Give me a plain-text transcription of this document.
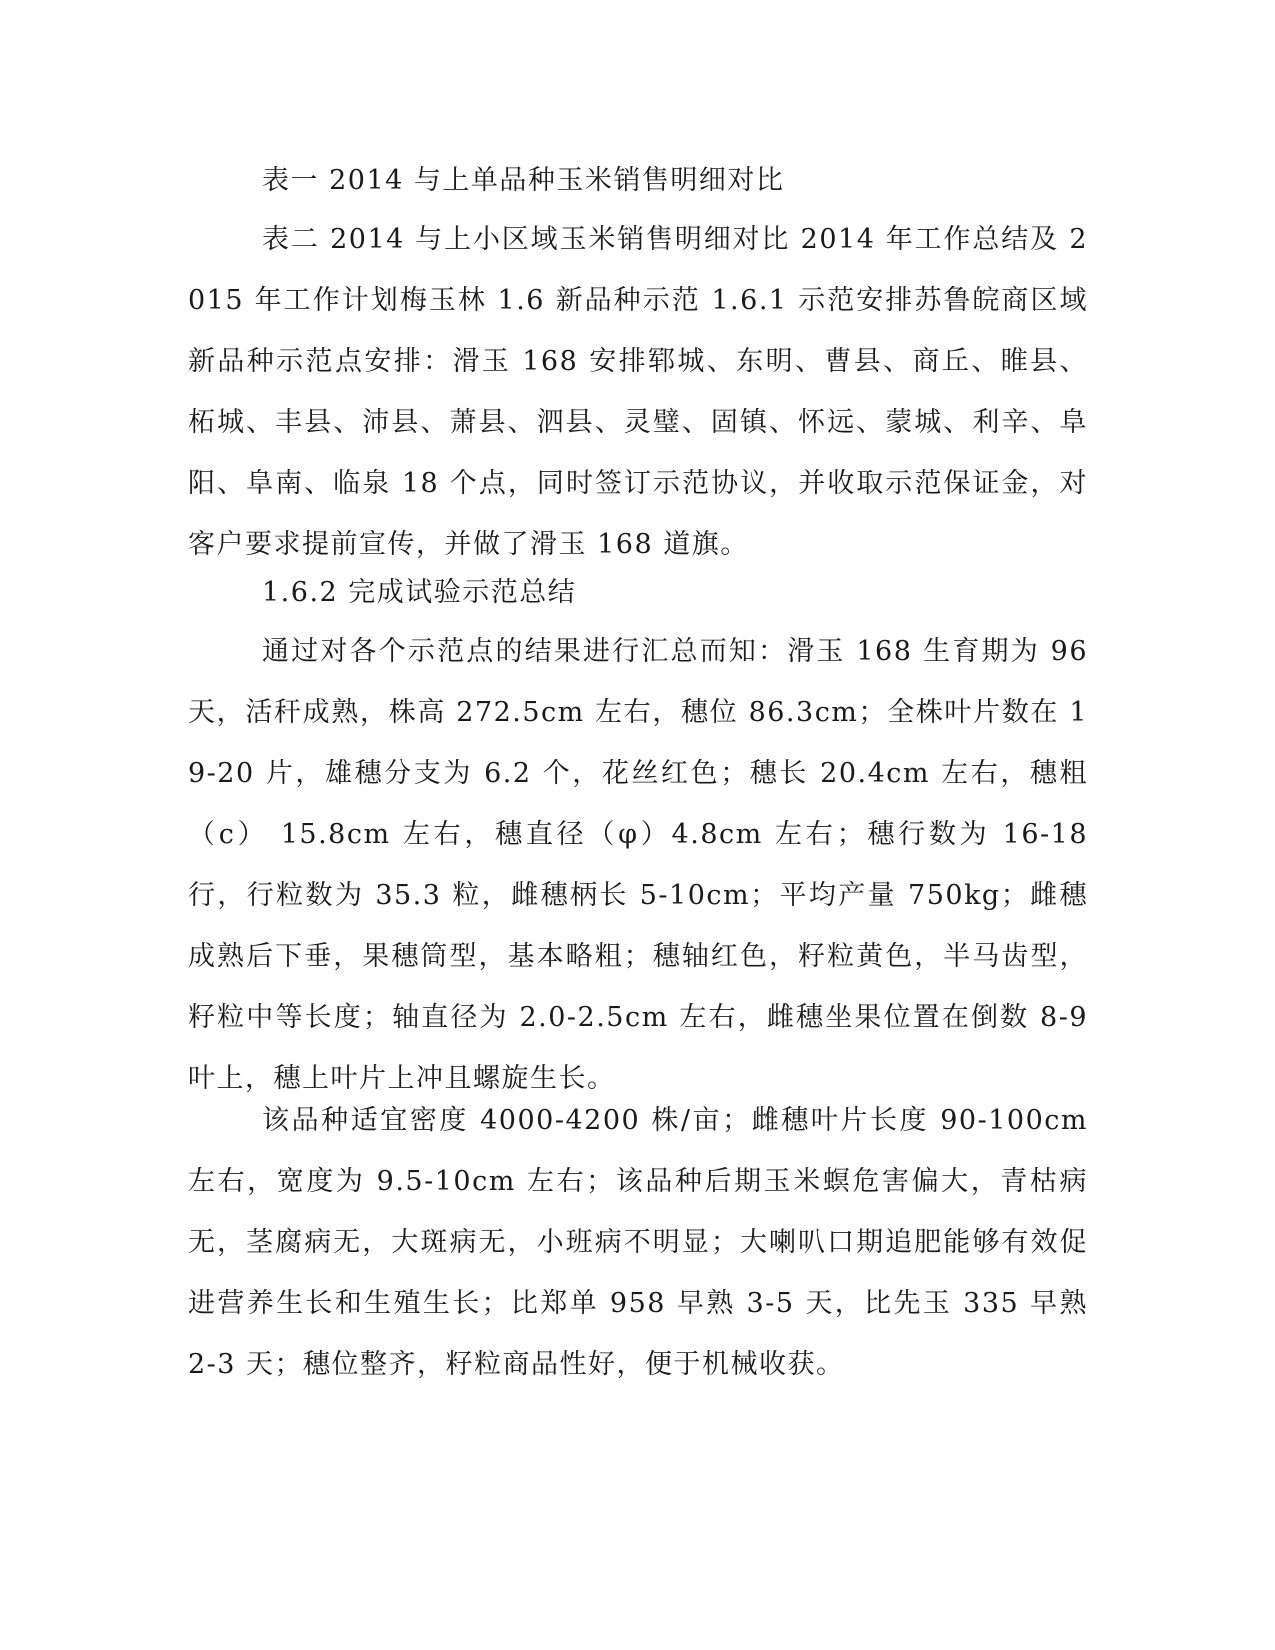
表一 2014 与上单品种玉米销售明细对比

表二 2014 与上小区域玉米销售明细对比 2014 年工作总结及 2015 年工作计划梅玉林 1.6 新品种示范 1.6.1 示范安排苏鲁皖商区域新品种示范点安排：滑玉 168 安排郓城、东明、曹县、商丘、睢县、柘城、丰县、沛县、萧县、泗县、灵璧、固镇、怀远、蒙城、利辛、阜阳、阜南、临泉 18 个点，同时签订示范协议，并收取示范保证金，对客户要求提前宣传，并做了滑玉 168 道旗。

1.6.2 完成试验示范总结

通过对各个示范点的结果进行汇总而知：滑玉 168 生育期为 96 天，活秆成熟，株高 272.5cm 左右，穗位 86.3cm；全株叶片数在 19-20 片，雄穗分支为 6.2 个，花丝红色；穗长 20.4cm 左右，穗粗（c） 15.8cm 左右，穗直径（φ）4.8cm 左右；穗行数为 16-18 行，行粒数为 35.3 粒，雌穗柄长 5-10cm；平均产量 750kg；雌穗成熟后下垂，果穗筒型，基本略粗；穗轴红色，籽粒黄色，半马齿型，籽粒中等长度；轴直径为 2.0-2.5cm 左右，雌穗坐果位置在倒数 8-9 叶上，穗上叶片上冲且螺旋生长。

该品种适宜密度 4000-4200 株/亩；雌穗叶片长度 90-100cm 左右，宽度为 9.5-10cm 左右；该品种后期玉米螟危害偏大，青枯病无，茎腐病无，大斑病无，小班病不明显；大喇叭口期追肥能够有效促进营养生长和生殖生长；比郑单 958 早熟 3-5 天，比先玉 335 早熟 2-3 天；穗位整齐，籽粒商品性好，便于机械收获。
